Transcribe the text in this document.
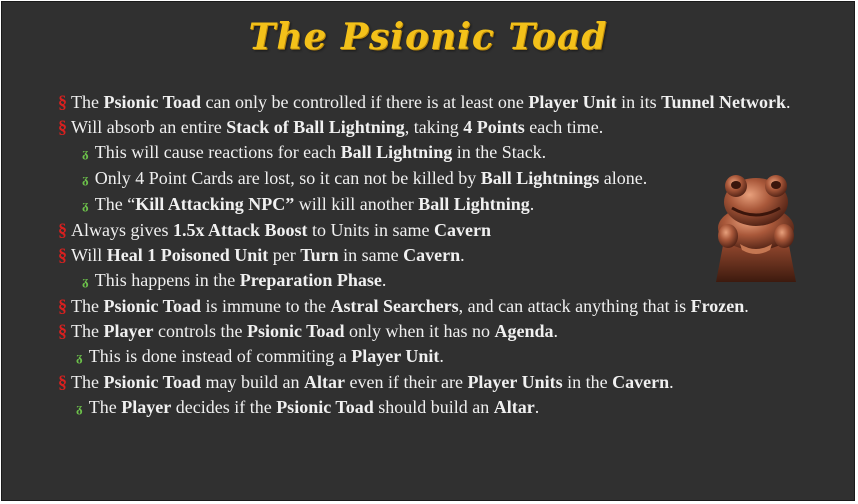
The Psionic Toad
§ The Psionic Toad can only be controlled if there is at least one Player Unit in its Tunnel Network.
§ Will absorb an entire Stack of Ball Lightning, taking 4 Points each time.
ᵹ This will cause reactions for each Ball Lightning in the Stack.
ᵹ Only 4 Point Cards are lost, so it can not be killed by Ball Lightnings alone.
ᵹ The “Kill Attacking NPC” will kill another Ball Lightning.
§ Always gives 1.5x Attack Boost to Units in same Cavern
§ Will Heal 1 Poisoned Unit per Turn in same Cavern.
ᵹ This happens in the Preparation Phase.
§ The Psionic Toad is immune to the Astral Searchers, and can attack anything that is Frozen.
§ The Player controls the Psionic Toad only when it has no Agenda.
ᵹ This is done instead of commiting a Player Unit.
§ The Psionic Toad may build an Altar even if their are Player Units in the Cavern.
ᵹ The Player decides if the Psionic Toad should build an Altar.
